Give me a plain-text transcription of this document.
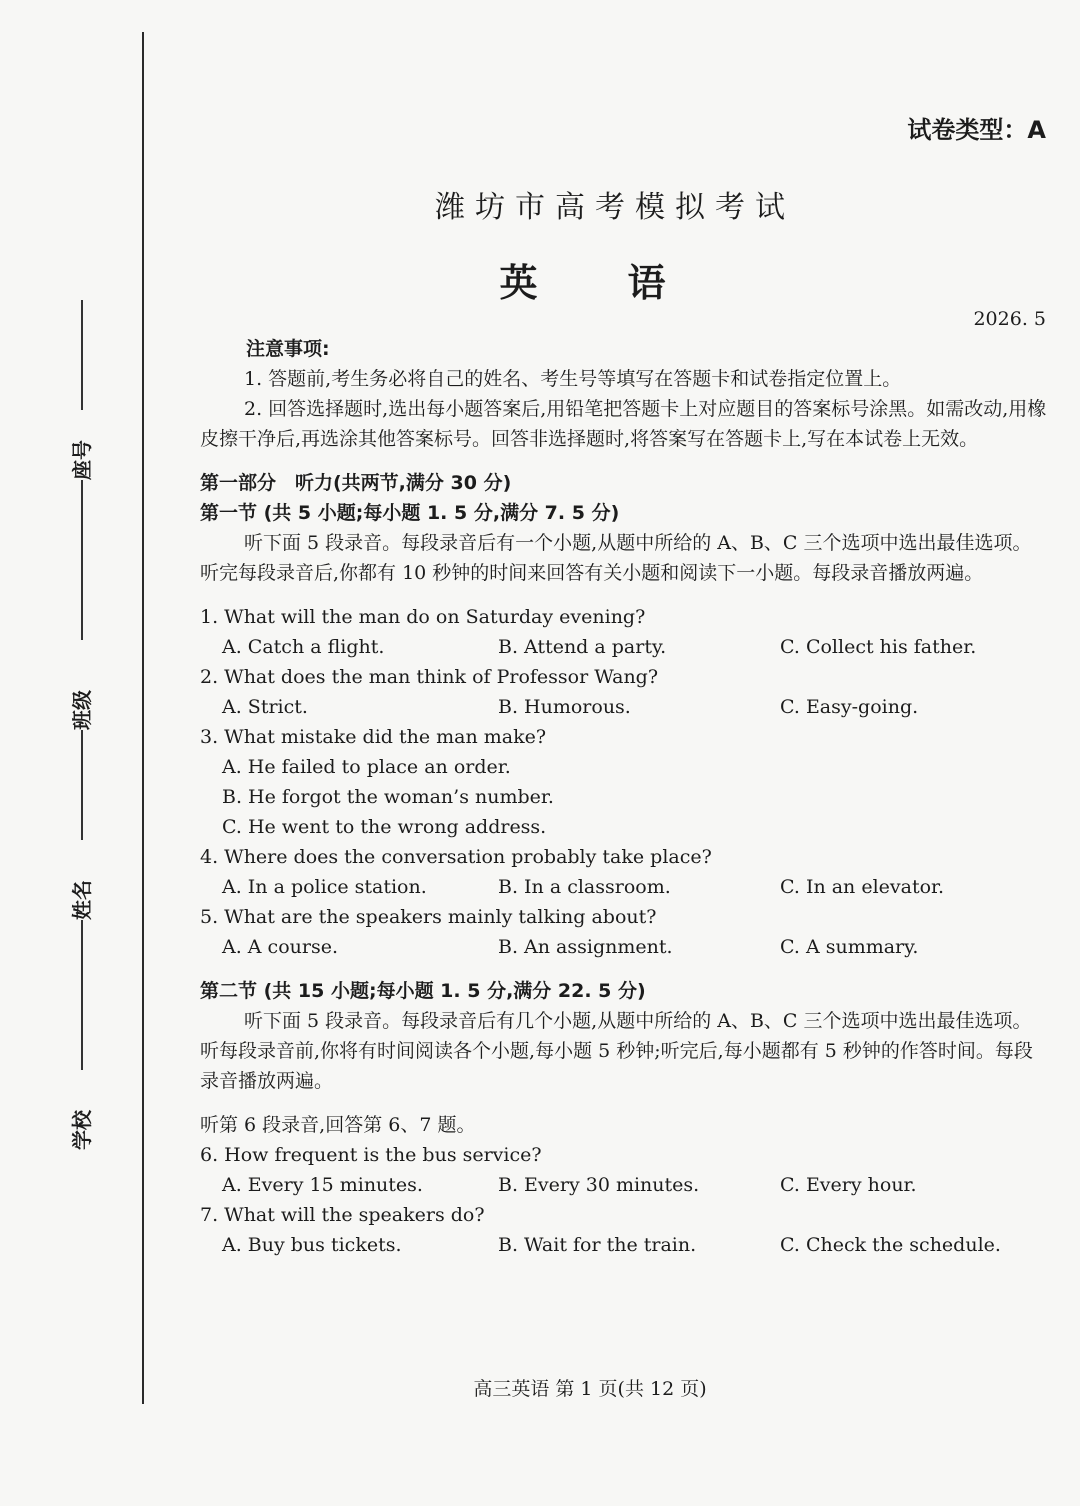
座号
班级
姓名
学校
试卷类型：A
潍坊市高考模拟考试
英语
2026. 5
注意事项:
1. 答题前,考生务必将自己的姓名、考生号等填写在答题卡和试卷指定位置上。
2. 回答选择题时,选出每小题答案后,用铅笔把答题卡上对应题目的答案标号涂黑。如需改动,用橡皮擦干净后,再选涂其他答案标号。回答非选择题时,将答案写在答题卡上,写在本试卷上无效。
第一部分　听力(共两节,满分 30 分)
第一节 (共 5 小题;每小题 1. 5 分,满分 7. 5 分)
听下面 5 段录音。每段录音后有一个小题,从题中所给的 A、B、C 三个选项中选出最佳选项。听完每段录音后,你都有 10 秒钟的时间来回答有关小题和阅读下一小题。每段录音播放两遍。
1. What will the man do on Saturday evening?
A. Catch a flight.	B. Attend a party.	C. Collect his father.
2. What does the man think of Professor Wang?
A. Strict.	B. Humorous.	C. Easy-going.
3. What mistake did the man make?
A. He failed to place an order.
B. He forgot the woman’s number.
C. He went to the wrong address.
4. Where does the conversation probably take place?
A. In a police station.	B. In a classroom.	C. In an elevator.
5. What are the speakers mainly talking about?
A. A course.	B. An assignment.	C. A summary.
第二节 (共 15 小题;每小题 1. 5 分,满分 22. 5 分)
听下面 5 段录音。每段录音后有几个小题,从题中所给的 A、B、C 三个选项中选出最佳选项。听每段录音前,你将有时间阅读各个小题,每小题 5 秒钟;听完后,每小题都有 5 秒钟的作答时间。每段录音播放两遍。
听第 6 段录音,回答第 6、7 题。
6. How frequent is the bus service?
A. Every 15 minutes.	B. Every 30 minutes.	C. Every hour.
7. What will the speakers do?
A. Buy bus tickets.	B. Wait for the train.	C. Check the schedule.
高三英语 第 1 页(共 12 页)
